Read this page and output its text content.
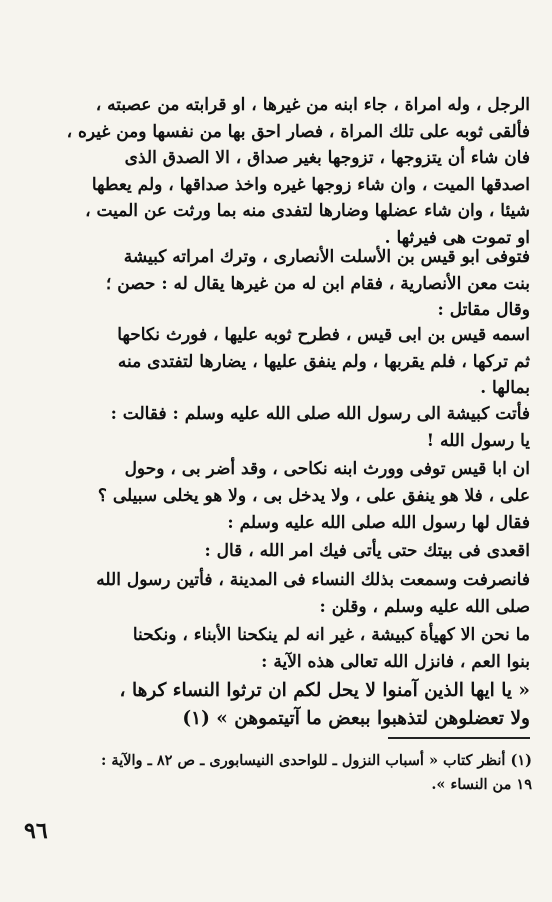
الرجل ، وله امراة ، جاء ابنه من غيرها ، او قرابته من عصبته ،
فألقى ثوبه على تلك المراة ، فصار احق بها من نفسها ومن غيره ،
فان شاء أن يتزوجها ، تزوجها بغير صداق ، الا الصدق الذى
اصدقها الميت ، وان شاء زوجها غيره واخذ صداقها ، ولم يعطها
شيئا ، وان شاء عضلها وضارها لتفدى منه بما ورثت عن الميت ،
او تموت هى فيرثها .

فتوفى ابو قيس بن الأسلت الأنصارى ، وترك امراته كبيشة
بنت معن الأنصارية ، فقام ابن له من غيرها يقال له : حصن ؛
وقال مقاتل :

اسمه قيس بن ابى قيس ، فطرح ثوبه عليها ، فورث نكاحها
ثم تركها ، فلم يقربها ، ولم ينفق عليها ، يضارها لتفتدى منه
بمالها .

فأتت كبيشة الى رسول الله صلى الله عليه وسلم : فقالت :
يا رسول الله !

ان ابا قيس توفى وورث ابنه نكاحى ، وقد أضر بى ، وحول
على ، فلا هو ينفق على ، ولا يدخل بى ، ولا هو يخلى سبيلى ؟

فقال لها رسول الله صلى الله عليه وسلم :

اقعدى فى بيتك حتى يأتى فيك امر الله ، قال :

فانصرفت وسمعت بذلك النساء فى المدينة ، فأتين رسول الله
صلى الله عليه وسلم ، وقلن :

ما نحن الا كهيأة كبيشة ، غير انه لم ينكحنا الأبناء ، ونكحنا
بنوا العم ، فانزل الله تعالى هذه الآية :

« يا ايها الذين آمنوا لا يحل لكم ان ترثوا النساء كرها ،
ولا تعضلوهن لتذهبوا ببعض ما آتيتموهن » (١)

(١) أنظر كتاب « أسباب النزول ـ للواحدى النيسابورى ـ ص ٨٢ ـ والآية :
١٩ من النساء ».

٩٦
